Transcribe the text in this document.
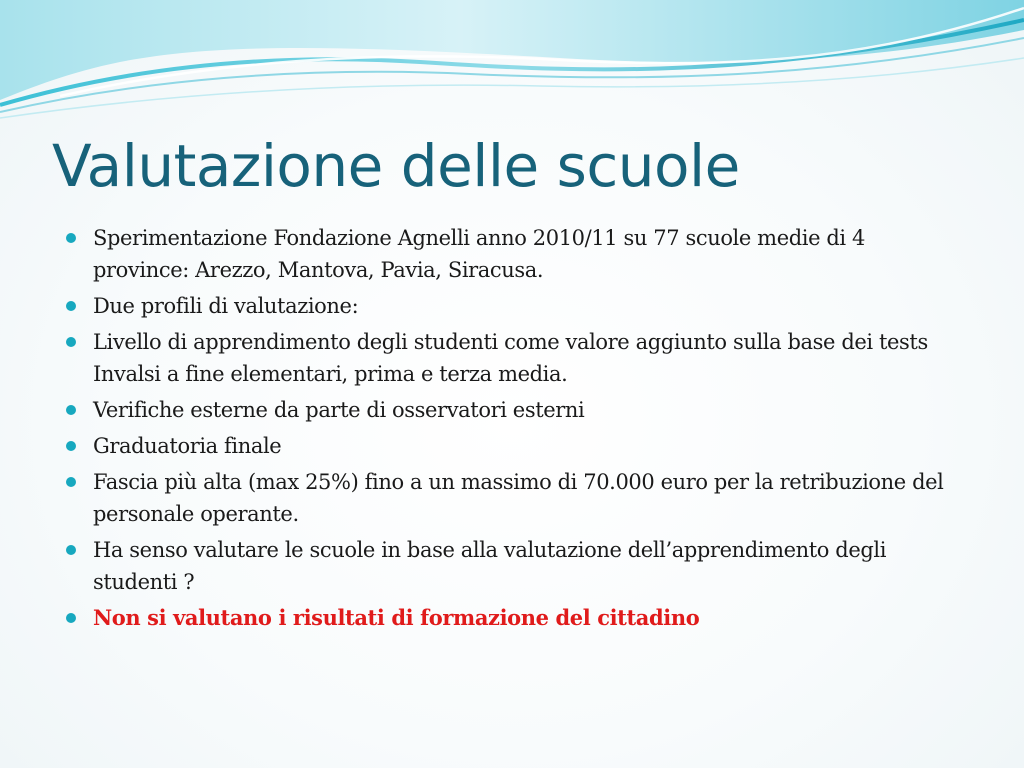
Valutazione delle scuole
Sperimentazione Fondazione Agnelli anno 2010/11 su 77 scuole medie di 4 province: Arezzo, Mantova, Pavia, Siracusa.
Due profili di valutazione:
Livello di apprendimento degli studenti come valore aggiunto sulla base dei tests Invalsi a fine elementari, prima e terza media.
Verifiche esterne da parte di osservatori esterni
Graduatoria finale
Fascia più alta (max 25%) fino a un massimo di 70.000 euro per la retribuzione del personale operante.
Ha senso valutare le scuole in base alla valutazione dell’apprendimento degli studenti ?
Non si valutano i risultati di formazione del cittadino
